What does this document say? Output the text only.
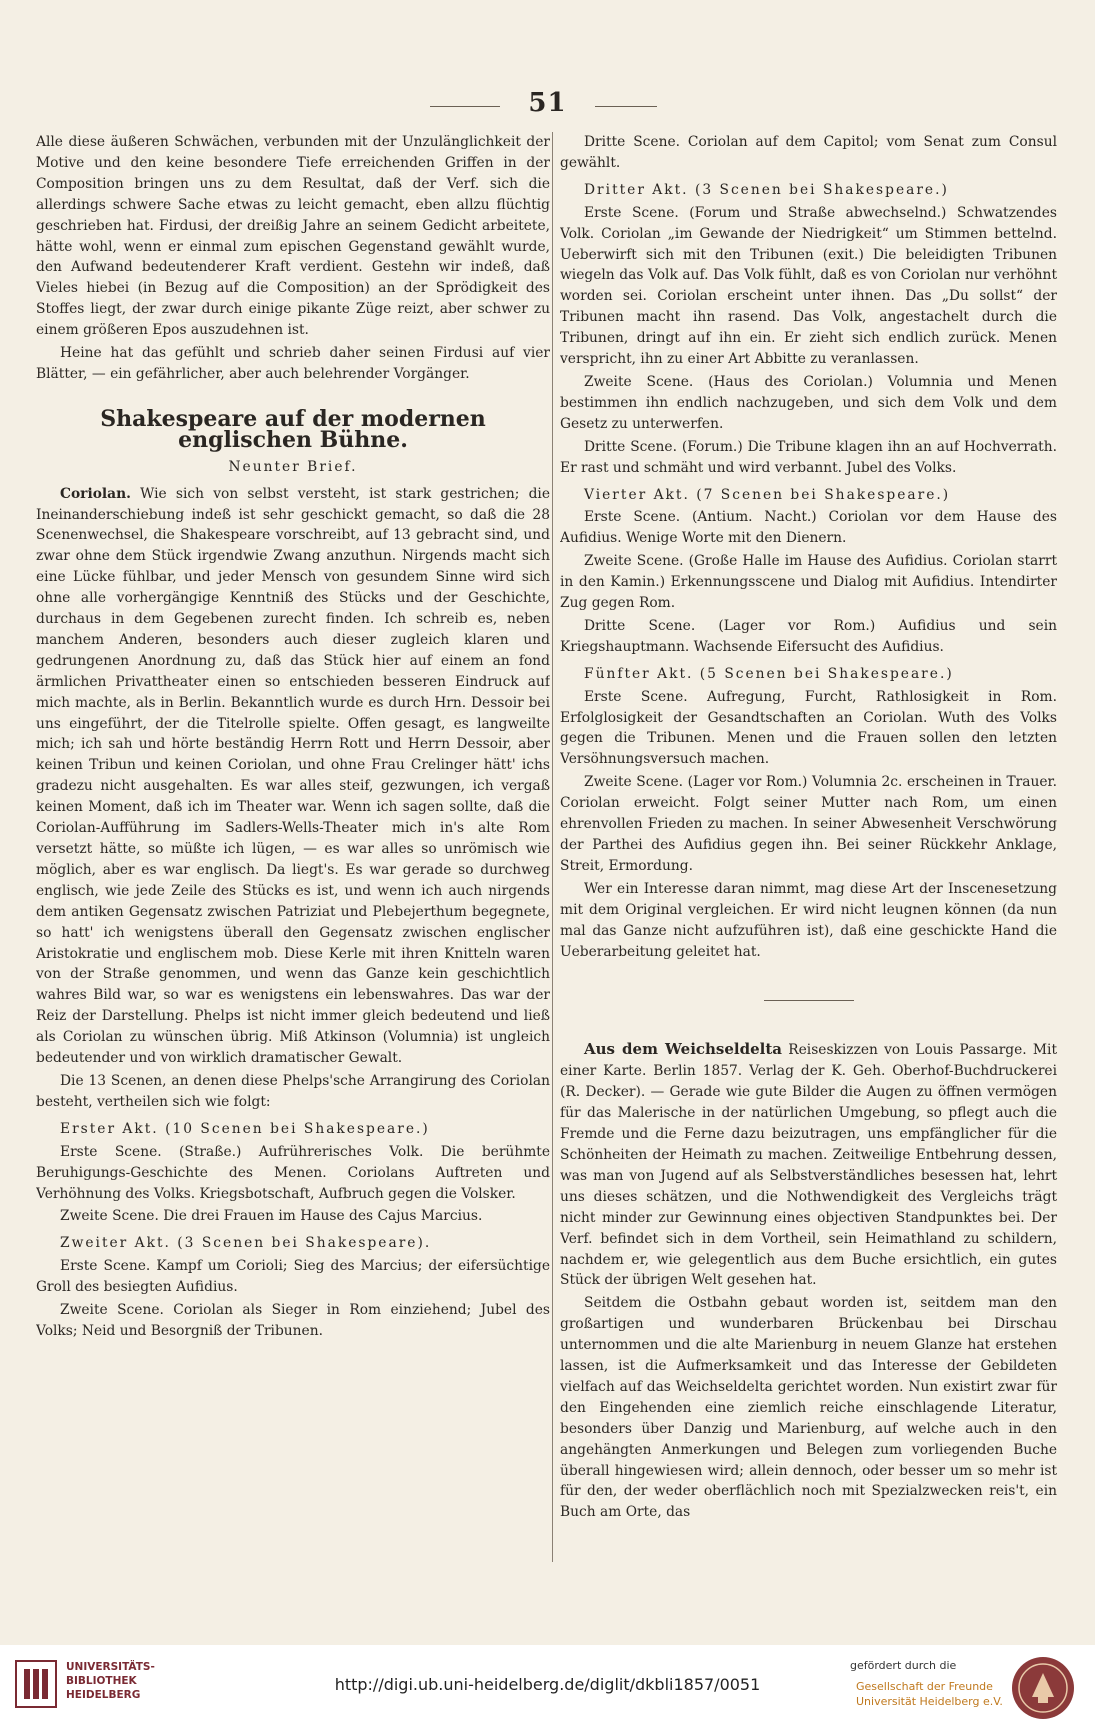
51

Alle diese äußeren Schwächen, verbunden mit der Unzulänglichkeit der Motive und den keine besondere Tiefe erreichenden Griffen in der Composition bringen uns zu dem Resultat, daß der Verf. sich die allerdings schwere Sache etwas zu leicht gemacht, eben allzu flüchtig geschrieben hat. Firdusi, der dreißig Jahre an seinem Gedicht arbeitete, hätte wohl, wenn er einmal zum epischen Gegenstand gewählt wurde, den Aufwand bedeutenderer Kraft verdient. Gestehn wir indeß, daß Vieles hiebei (in Bezug auf die Composition) an der Sprödigkeit des Stoffes liegt, der zwar durch einige pikante Züge reizt, aber schwer zu einem größeren Epos auszudehnen ist.

Heine hat das gefühlt und schrieb daher seinen Firdusi auf vier Blätter, — ein gefährlicher, aber auch belehrender Vorgänger.

Shakespeare auf der modernen englischen Bühne.

Neunter Brief.

Coriolan. Wie sich von selbst versteht, ist stark gestrichen; die Ineinanderschiebung indeß ist sehr geschickt gemacht, so daß die 28 Scenenwechsel, die Shakespeare vorschreibt, auf 13 gebracht sind, und zwar ohne dem Stück irgendwie Zwang anzuthun. Nirgends macht sich eine Lücke fühlbar, und jeder Mensch von gesundem Sinne wird sich ohne alle vorhergängige Kenntniß des Stücks und der Geschichte, durchaus in dem Gegebenen zurecht finden. Ich schreib es, neben manchem Anderen, besonders auch dieser zugleich klaren und gedrungenen Anordnung zu, daß das Stück hier auf einem an fond ärmlichen Privattheater einen so entschieden besseren Eindruck auf mich machte, als in Berlin. Bekanntlich wurde es durch Hrn. Dessoir bei uns eingeführt, der die Titelrolle spielte. Offen gesagt, es langweilte mich; ich sah und hörte beständig Herrn Rott und Herrn Dessoir, aber keinen Tribun und keinen Coriolan, und ohne Frau Crelinger hätt' ichs gradezu nicht ausgehalten. Es war alles steif, gezwungen, ich vergaß keinen Moment, daß ich im Theater war. Wenn ich sagen sollte, daß die Coriolan-Aufführung im Sadlers-Wells-Theater mich in's alte Rom versetzt hätte, so müßte ich lügen, — es war alles so unrömisch wie möglich, aber es war englisch. Da liegt's. Es war gerade so durchweg englisch, wie jede Zeile des Stücks es ist, und wenn ich auch nirgends dem antiken Gegensatz zwischen Patriziat und Plebejerthum begegnete, so hatt' ich wenigstens überall den Gegensatz zwischen englischer Aristokratie und englischem mob. Diese Kerle mit ihren Knitteln waren von der Straße genommen, und wenn das Ganze kein geschichtlich wahres Bild war, so war es wenigstens ein lebenswahres. Das war der Reiz der Darstellung. Phelps ist nicht immer gleich bedeutend und ließ als Coriolan zu wünschen übrig. Miß Atkinson (Volumnia) ist ungleich bedeutender und von wirklich dramatischer Gewalt.

Die 13 Scenen, an denen diese Phelps'sche Arrangirung des Coriolan besteht, vertheilen sich wie folgt:

Erster Akt. (10 Scenen bei Shakespeare.)

Erste Scene. (Straße.) Aufrührerisches Volk. Die berühmte Beruhigungs-Geschichte des Menen. Coriolans Auftreten und Verhöhnung des Volks. Kriegsbotschaft, Aufbruch gegen die Volsker.

Zweite Scene. Die drei Frauen im Hause des Cajus Marcius.

Zweiter Akt. (3 Scenen bei Shakespeare).

Erste Scene. Kampf um Corioli; Sieg des Marcius; der eifersüchtige Groll des besiegten Aufidius.

Zweite Scene. Coriolan als Sieger in Rom einziehend; Jubel des Volks; Neid und Besorgniß der Tribunen.

Dritte Scene. Coriolan auf dem Capitol; vom Senat zum Consul gewählt.

Dritter Akt. (3 Scenen bei Shakespeare.)

Erste Scene. (Forum und Straße abwechselnd.) Schwatzendes Volk. Coriolan „im Gewande der Niedrigkeit“ um Stimmen bettelnd. Ueberwirft sich mit den Tribunen (exit.) Die beleidigten Tribunen wiegeln das Volk auf. Das Volk fühlt, daß es von Coriolan nur verhöhnt worden sei. Coriolan erscheint unter ihnen. Das „Du sollst“ der Tribunen macht ihn rasend. Das Volk, angestachelt durch die Tribunen, dringt auf ihn ein. Er zieht sich endlich zurück. Menen verspricht, ihn zu einer Art Abbitte zu veranlassen.

Zweite Scene. (Haus des Coriolan.) Volumnia und Menen bestimmen ihn endlich nachzugeben, und sich dem Volk und dem Gesetz zu unterwerfen.

Dritte Scene. (Forum.) Die Tribune klagen ihn an auf Hochverrath. Er rast und schmäht und wird verbannt. Jubel des Volks.

Vierter Akt. (7 Scenen bei Shakespeare.)

Erste Scene. (Antium. Nacht.) Coriolan vor dem Hause des Aufidius. Wenige Worte mit den Dienern.

Zweite Scene. (Große Halle im Hause des Aufidius. Coriolan starrt in den Kamin.) Erkennungsscene und Dialog mit Aufidius. Intendirter Zug gegen Rom.

Dritte Scene. (Lager vor Rom.) Aufidius und sein Kriegshauptmann. Wachsende Eifersucht des Aufidius.

Fünfter Akt. (5 Scenen bei Shakespeare.)

Erste Scene. Aufregung, Furcht, Rathlosigkeit in Rom. Erfolglosigkeit der Gesandtschaften an Coriolan. Wuth des Volks gegen die Tribunen. Menen und die Frauen sollen den letzten Versöhnungsversuch machen.

Zweite Scene. (Lager vor Rom.) Volumnia 2c. erscheinen in Trauer. Coriolan erweicht. Folgt seiner Mutter nach Rom, um einen ehrenvollen Frieden zu machen. In seiner Abwesenheit Verschwörung der Parthei des Aufidius gegen ihn. Bei seiner Rückkehr Anklage, Streit, Ermordung.

Wer ein Interesse daran nimmt, mag diese Art der Inscenesetzung mit dem Original vergleichen. Er wird nicht leugnen können (da nun mal das Ganze nicht aufzuführen ist), daß eine geschickte Hand die Ueberarbeitung geleitet hat.

Aus dem Weichseldelta Reiseskizzen von Louis Passarge. Mit einer Karte. Berlin 1857. Verlag der K. Geh. Oberhof-Buchdruckerei (R. Decker). — Gerade wie gute Bilder die Augen zu öffnen vermögen für das Malerische in der natürlichen Umgebung, so pflegt auch die Fremde und die Ferne dazu beizutragen, uns empfänglicher für die Schönheiten der Heimath zu machen. Zeitweilige Entbehrung dessen, was man von Jugend auf als Selbstverständliches besessen hat, lehrt uns dieses schätzen, und die Nothwendigkeit des Vergleichs trägt nicht minder zur Gewinnung eines objectiven Standpunktes bei. Der Verf. befindet sich in dem Vortheil, sein Heimathland zu schildern, nachdem er, wie gelegentlich aus dem Buche ersichtlich, ein gutes Stück der übrigen Welt gesehen hat.

Seitdem die Ostbahn gebaut worden ist, seitdem man den großartigen und wunderbaren Brückenbau bei Dirschau unternommen und die alte Marienburg in neuem Glanze hat erstehen lassen, ist die Aufmerksamkeit und das Interesse der Gebildeten vielfach auf das Weichseldelta gerichtet worden. Nun existirt zwar für den Eingehenden eine ziemlich reiche einschlagende Literatur, besonders über Danzig und Marienburg, auf welche auch in den angehängten Anmerkungen und Belegen zum vorliegenden Buche überall hingewiesen wird; allein dennoch, oder besser um so mehr ist für den, der weder oberflächlich noch mit Spezialzwecken reis't, ein Buch am Orte, das

UNIVERSITÄTS-
BIBLIOTHEK
HEIDELBERG
http://digi.ub.uni-heidelberg.de/diglit/dkbli1857/0051
gefördert durch die
Gesellschaft der Freunde
Universität Heidelberg e.V.
